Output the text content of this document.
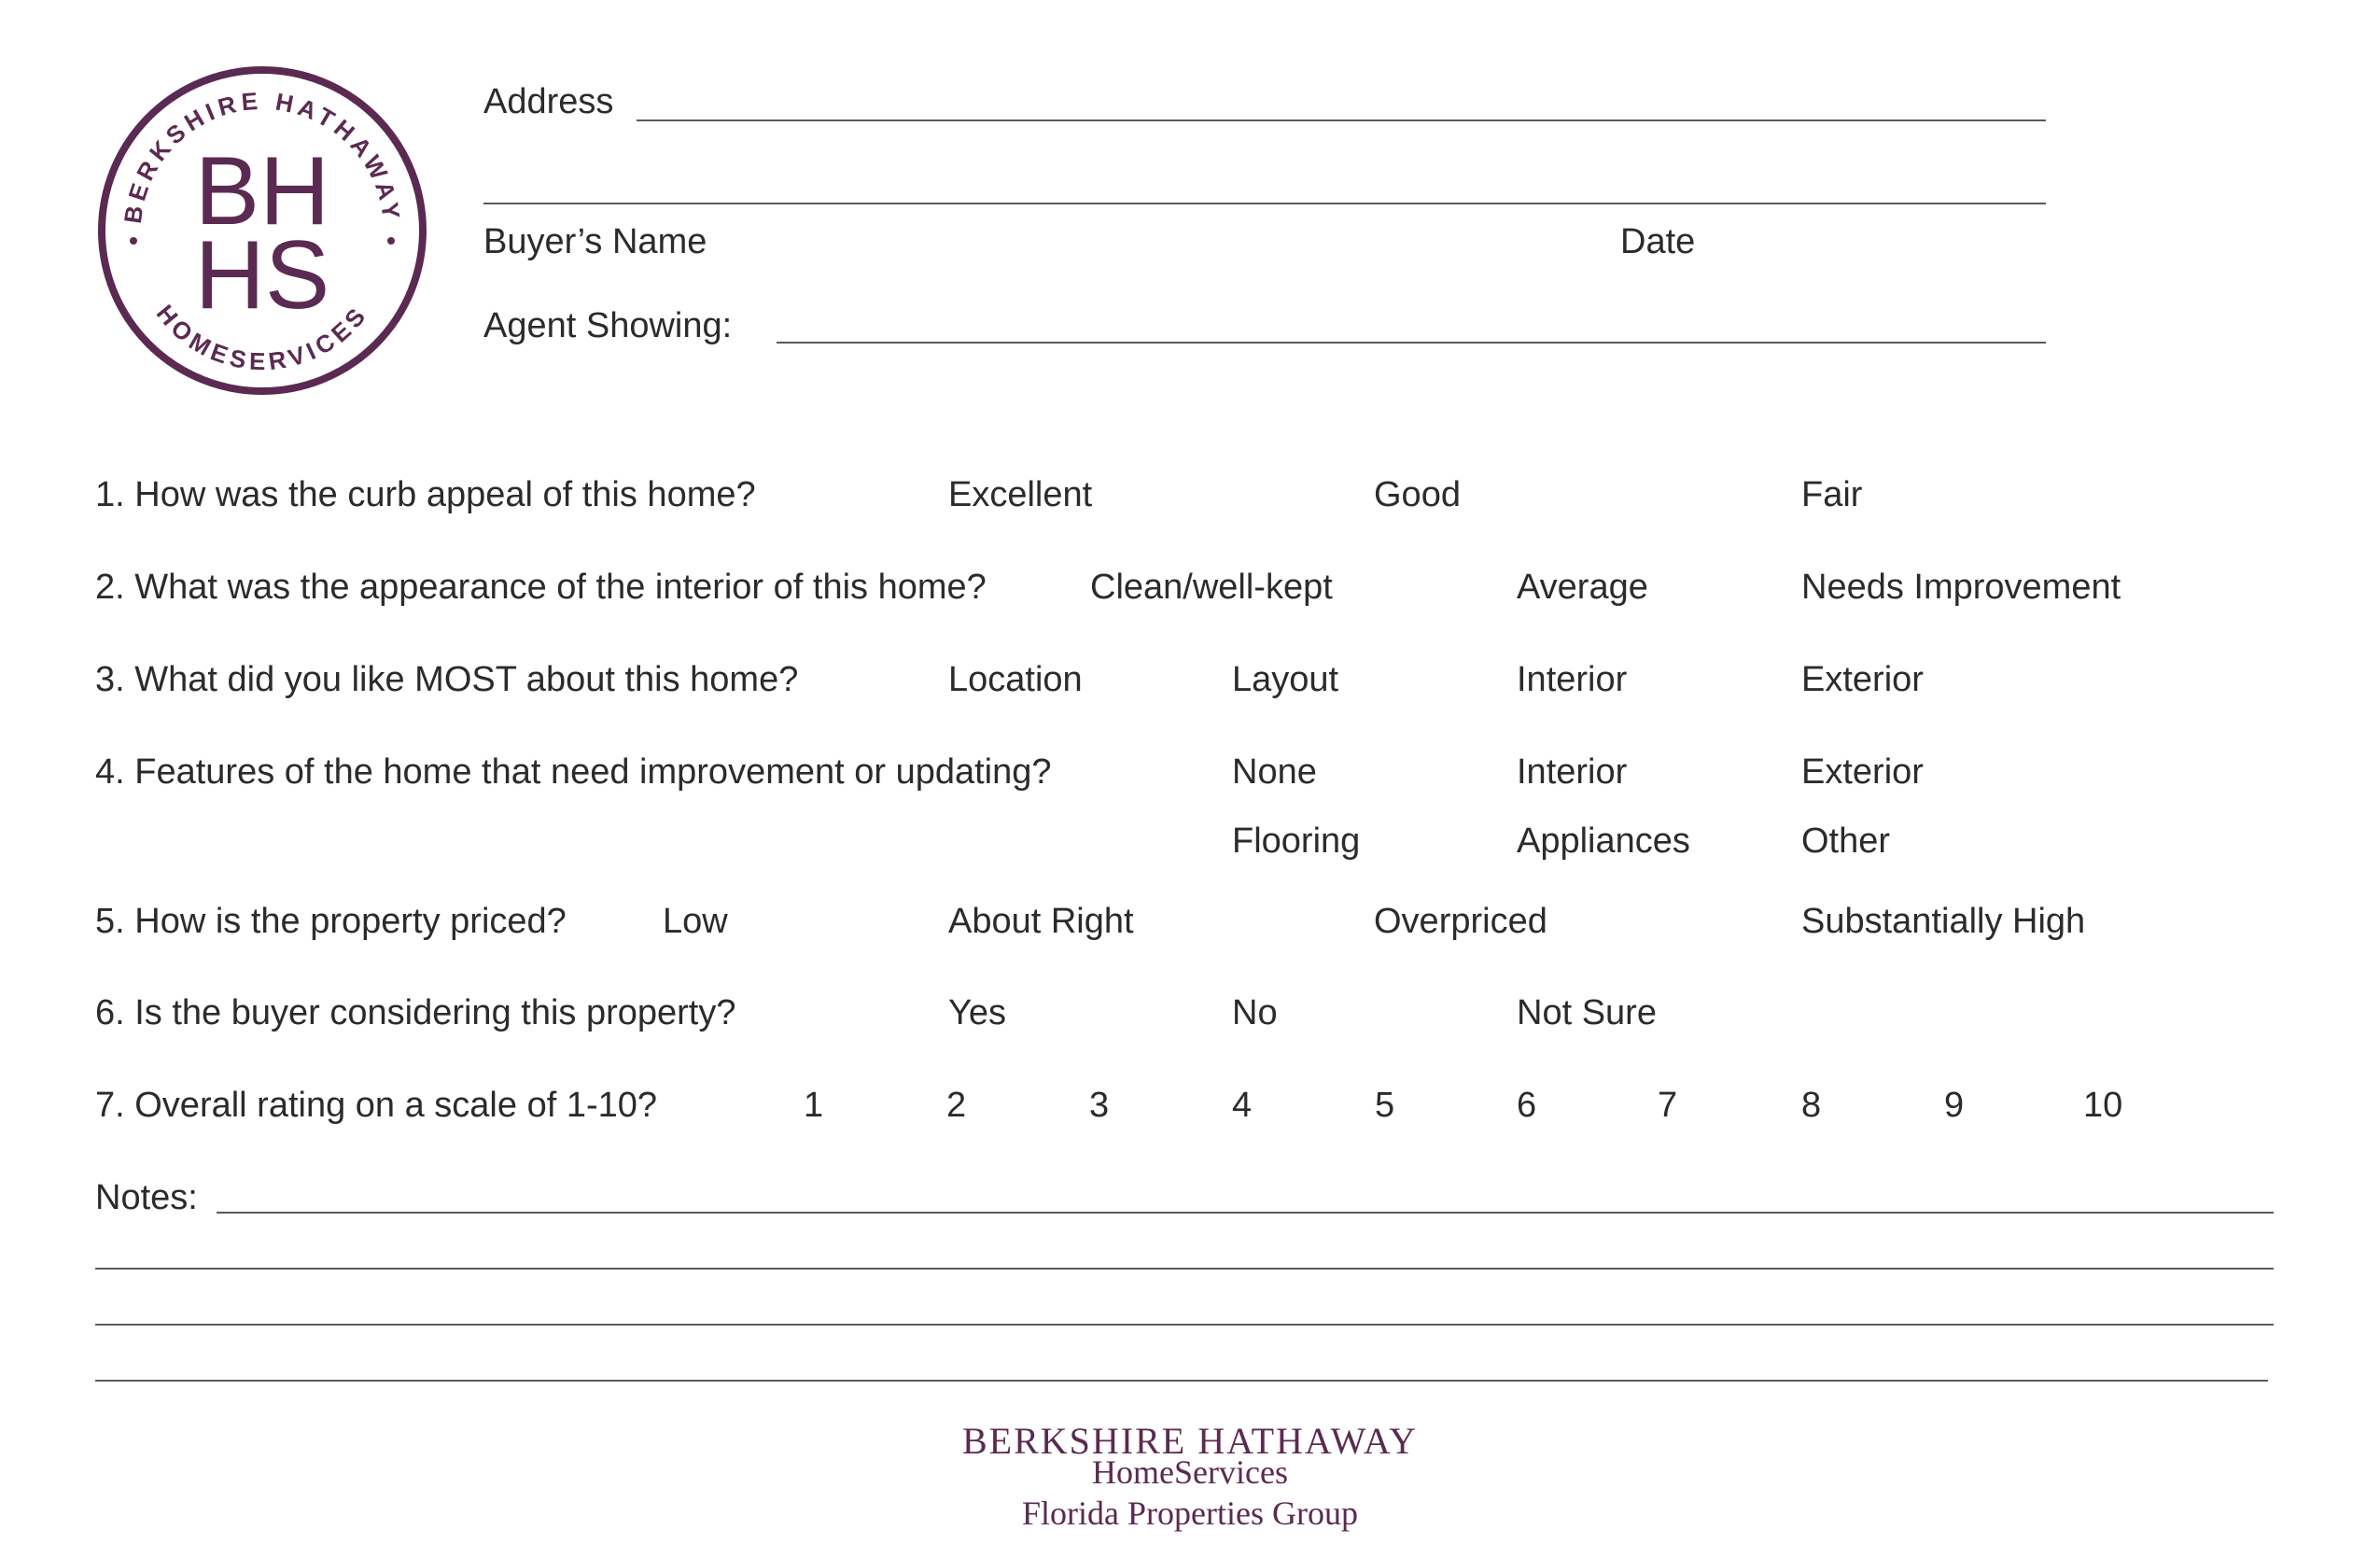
BERKSHIRE HATHAWAY
HOMESERVICES
BH
HS
Address
Buyer’s Name	Date
Agent Showing:
1. How was the curb appeal of this home?	Excellent	Good	Fair
2. What was the appearance of the interior of this home?	Clean/well-kept	Average	Needs Improvement
3. What did you like MOST about this home?	Location	Layout	Interior	Exterior
4. Features of the home that need improvement or updating?	None	Interior	Exterior
Flooring	Appliances	Other
5. How is the property priced?	Low	About Right	Overpriced	Substantially High
6. Is the buyer considering this property?	Yes	No	Not Sure
7. Overall rating on a scale of 1-10?	1	2	3	4	5	6	7	8	9	10
Notes:
BERKSHIRE HATHAWAY
HomeServices
Florida Properties Group
